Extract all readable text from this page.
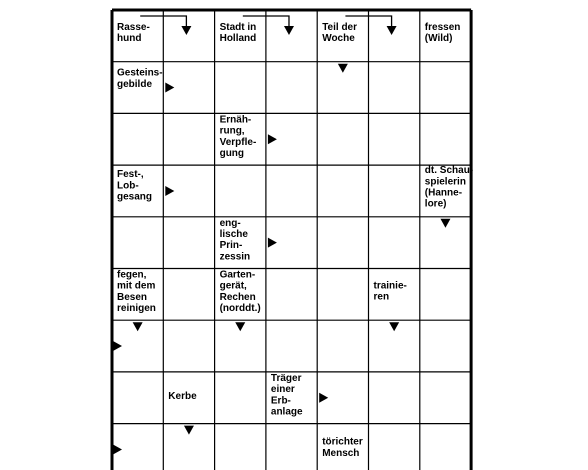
Rasse-
hund
Stadt in
Holland
Teil der
Woche
fressen
(Wild)
Gesteins-
gebilde
Ernäh-
rung,
Verpfle-
gung
Fest-,
Lob-
gesang
dt. Schau-
spielerin
(Hanne-
lore)
eng-
lische
Prin-
zessin
fegen,
mit dem
Besen
reinigen
Garten-
gerät,
Rechen
(norddt.)
trainie-
ren
Kerbe
Träger
einer
Erb-
anlage
törichter
Mensch
